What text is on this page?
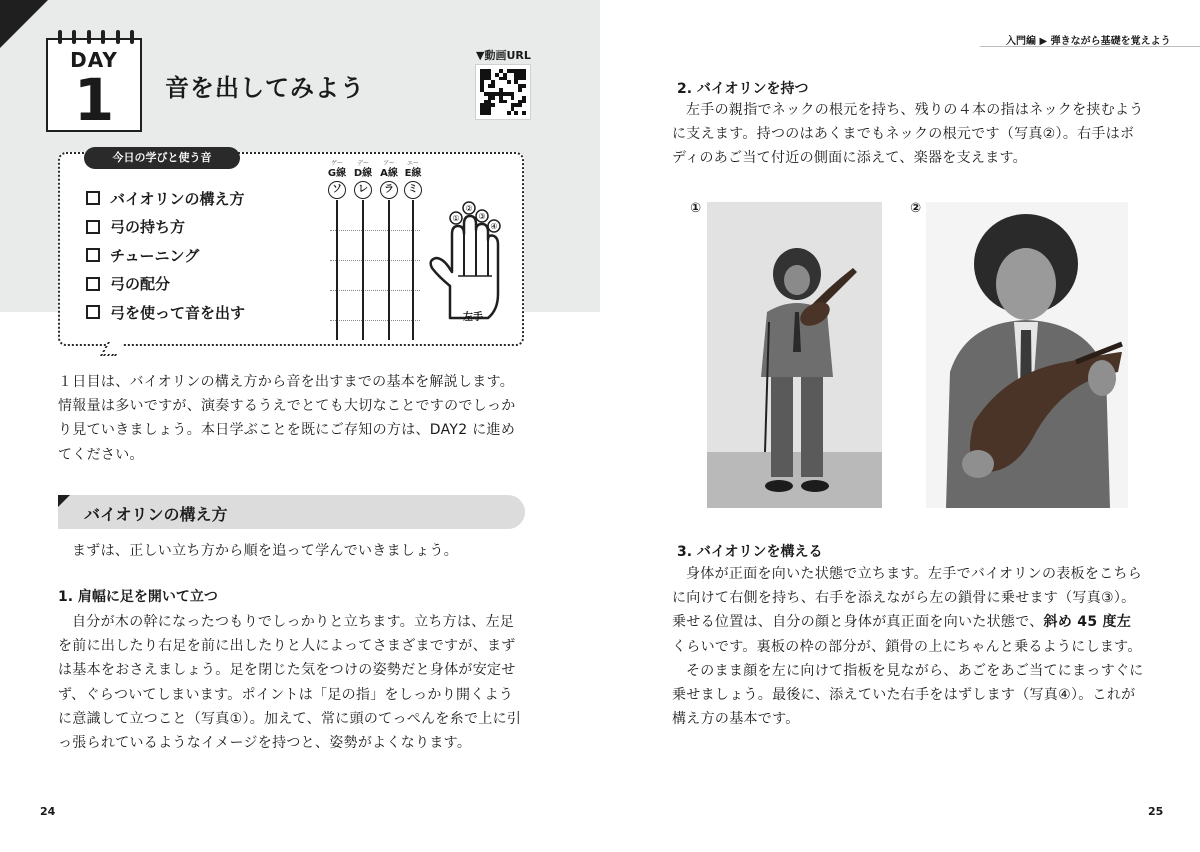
DAY
1	音を出してみよう
▼動画URL
今日の学びと使う音
バイオリンの構え方
弓の持ち方
チューニング
弓の配分
弓を使って音を出す
ゲー
G線
ソ
デー
D線
レ
アー
A線
ラ
エー
E線
ミ
①
②
③
④
左手
１日目は、バイオリンの構え方から音を出すまでの基本を解説します。情報量は多いですが、演奏するうえでとても大切なことですのでしっかり見ていきましょう。本日学ぶことを既にご存知の方は、DAY2 に進めてください。
バイオリンの構え方
まずは、正しい立ち方から順を追って学んでいきましょう。
1. 肩幅に足を開いて立つ
自分が木の幹になったつもりでしっかりと立ちます。立ち方は、左足を前に出したり右足を前に出したりと人によってさまざまですが、まずは基本をおさえましょう。足を閉じた気をつけの姿勢だと身体が安定せず、ぐらついてしまいます。ポイントは「足の指」をしっかり開くように意識して立つこと（写真①）。加えて、常に頭のてっぺんを糸で上に引っ張られているようなイメージを持つと、姿勢がよくなります。
24
入門編 ▶ 弾きながら基礎を覚えよう
2. バイオリンを持つ
左手の親指でネックの根元を持ち、残りの４本の指はネックを挟むように支えます。持つのはあくまでもネックの根元です（写真②）。右手はボディのあご当て付近の側面に添えて、楽器を支えます。
①	②
3. バイオリンを構える
身体が正面を向いた状態で立ちます。左手でバイオリンの表板をこちらに向けて右側を持ち、右手を添えながら左の鎖骨に乗せます（写真③）。乗せる位置は、自分の顔と身体が真正面を向いた状態で、斜め 45 度左くらいです。裏板の枠の部分が、鎖骨の上にちゃんと乗るようにします。
そのまま顔を左に向けて指板を見ながら、あごをあご当てにまっすぐに乗せましょう。最後に、添えていた右手をはずします（写真④）。これが構え方の基本です。
25
